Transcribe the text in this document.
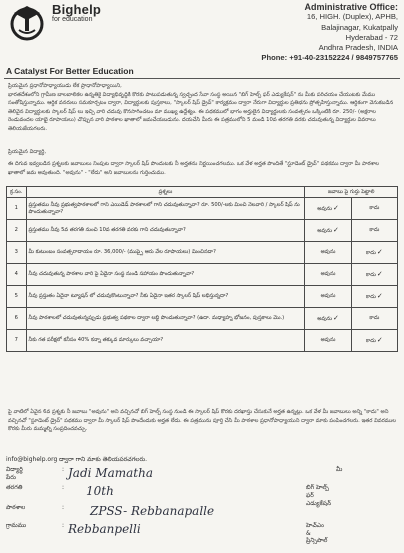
Bighelp
for education
A Catalyst For Better Education
Administrative Office:
16, HIGH. (Duplex), APHB,
Balajinagar, Kukatpally
Hyderabad - 72
Andhra Pradesh, INDIA
Phone: +91-40-23152224 / 9849757765
ప్రియమైన ప్రధానోపాధ్యాయుడు లేక ప్రాధానోపాధ్యాయిని,
భారతదేశంలోని గ్రామీణ బాలబాలికల ఉన్నతికై విద్యాభివృద్ధికి కొరకు పాటుపడుతున్న స్వచ్ఛంద సేవా సంస్థ అయిన "బిగ్ హెల్ప్ ఫర్ ఎడ్యుకేషన్" ను మీకు పరిచయం చేయుటకు మేము సంతోషిస్తున్నాము. ఆర్ధిక వనరులు సమకూర్చటం ద్వారా, విద్యార్థులకు పుస్తకాలు, "స్కాలర్ షిప్ డ్రైవ్" కార్యక్రమం ద్వారా నేరుగా విద్యార్థుల ప్రతిభను ప్రోత్సహిస్తున్నాము. ఆర్ధికంగా వెనుకబడిన తెలివైన విద్యార్థులకు స్కాలర్ షిప్ లు ఇచ్చి వారి చదువు కొనసాగించటం మా ముఖ్య ఉద్దేశ్యం. ఈ పథకములో భాగం అర్హులైన విద్యార్థులకు సంవత్సరం ఒక్కింటికి రూ. 250/- (అక్షరాల రెండువందల యాభై రూపాయలు) చొప్పున వారి పాఠశాల ఖాతాలో జమచేయబడును. దయచేసి మీరు ఈ పత్రములోని 5 మండి 10వ తరగతి వరకు చదువుతున్న విద్యార్థుల వివరాలు తెలియజేయగలరు.
ప్రియమైన విద్యార్థి,
ఈ దిగువ ఇవ్వబడిన ప్రశ్నలకు జవాబులు నింపుట ద్వారా స్కాలర్ షిప్ పొందుటకు నీ అర్హతను నిర్ణయించగలము. ఒక వేళ అర్హత పొందితే "స్టూడెంట్ డ్రైవ్" పథకము ద్వారా మీ పాఠశాల ఖాతాలో జమ అవుతుంది. "అవును" - "లేదు" అని జవాబులను గుర్తించుము.
క్ర.సం.	ప్రశ్నలు	జవాబు పై గుర్తు పెట్టాలి	
1	ప్రస్తుతము నీవు ప్రభుత్వపాఠశాలలో గాని ఎయిడెడ్ పాఠశాలలో గాని చదువుతున్నావా? రూ. 500/-లకు మించి నెలవారి / స్కాలర్ షిప్ ను పొందుతున్నావా?	అవును✓	కాదు
2	ప్రస్తుతము నీవు 5వ తరగతి నుంచి 10వ తరగతి వరకు గాని చదువుతున్నావా?	అవును✓	కాదు
3	మీ కుటుంబం సంవత్సరాదాయం రూ. 36,000/- (ముప్పై ఆరు వేల రూపాయలు) మించినదా?	అవును	కాదు✓
4	నీవు చదువుతున్న పాఠశాల వారి పై ఏదైనా సంస్థ నుండి సహాయం పొందుతున్నావా?	అవును	కాదు✓
5	నీవు ప్రస్తుతం ఏదైనా ట్యూషన్ లో చదువుకొంటున్నావా? నీకు ఏదైనా ఇతర స్కాలర్ షిప్ లభిస్తున్నదా?	అవును	కాదు✓
6	నీవు పాఠశాలలో చదువుతున్నప్పుడు ప్రభుత్వ పథకాల ద్వారా లబ్ధి పొందుతున్నావా? (ఉదా. మధ్యాహ్న భోజనం, పుస్తకాలు మొ.)	అవును✓	కాదు
7	నీకు గత పరీక్షలో కనీసం 40% కన్నా తక్కువ మార్కులు వచ్చాయా?	అవును	కాదు✓
పై వాటిలో ఏవైన 6వ ప్రశ్నకు నీ జవాబు "అవును" అని వచ్చినచో బిగ్ హెల్ప్ సంస్థ నుండి ఈ స్కాలర్ షిప్ కొరకు దరఖాస్తు చేసుకునే అర్హత ఉన్నట్లు. ఒక వేళ మీ జవాబులు అన్ని "కాదు" అని వచ్చినచో "స్టూడెంట్ డ్రైవ్" పథకము ద్వారా మీ స్కాలర్ షిప్ పొందేందుకు అర్హత లేదు. ఈ పత్రమును పూర్తి చేసి మీ పాఠశాల ప్రధానోపాధ్యాయుని ద్వారా మాకు పంపించగలరు. ఇతర వివరముల కొరకు మీరు మమ్మల్ని సంప్రదించవచ్చు.
info@bighelp.org ద్వారా గాని మాకు తెలియపరచగలరు.
విద్యార్థి పేరు
: Jadi Mamatha	మీ
తరగతి	: 10th	బిగ్ హెల్ప్ ఫర్ ఎడ్యుకేషన్
పాఠశాల	: ZPSS- Rebbanapalle
గ్రామము	: Rebbanpelli	హెచ్ఎం & ప్రిన్సిపాల్
